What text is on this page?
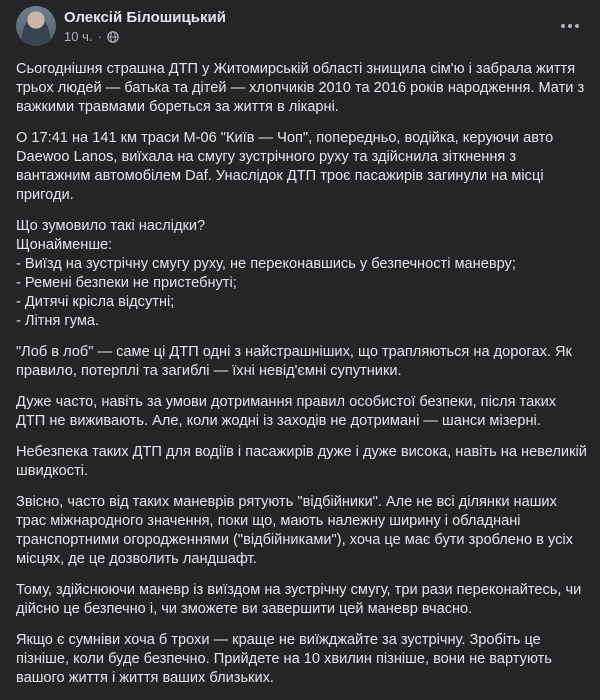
Олексій Білошицький
10 ч. ·

Сьогоднішня страшна ДТП у Житомирській області знищила сім'ю і забрала життя трьох людей — батька та дітей — хлопчиків 2010 та 2016 років народження. Мати з важкими травмами бореться за життя в лікарні.

О 17:41 на 141 км траси М-06 "Київ — Чоп", попередньо, водійка, керуючи авто Daewoo Lanos, виїхала на смугу зустрічного руху та здійснила зіткнення з вантажним автомобілем Daf. Унаслідок ДТП троє пасажирів загинули на місці пригоди.

Що зумовило такі наслідки?
Щонайменше:
- Виїзд на зустрічну смугу руху, не переконавшись у безпечності маневру;
- Ремені безпеки не пристебнуті;
- Дитячі крісла відсутні;
- Літня гума.

"Лоб в лоб" — саме ці ДТП одні з найстрашніших, що трапляються на дорогах. Як правило, потерплі та загиблі — їхні невід'ємні супутники.

Дуже часто, навіть за умови дотримання правил особистої безпеки, після таких ДТП не виживають. Але, коли жодні із заходів не дотримані — шанси мізерні.

Небезпека таких ДТП для водіїв і пасажирів дуже і дуже висока, навіть на невеликій швидкості.

Звісно, часто від таких маневрів рятують "відбійники". Але не всі ділянки наших трас міжнародного значення, поки що, мають належну ширину і обладнані транспортними огородженнями ("відбійниками"), хоча це має бути зроблено в усіх місцях, де це дозволить ландшафт.

Тому, здійснюючи маневр із виїздом на зустрічну смугу, три рази переконайтесь, чи дійсно це безпечно і, чи зможете ви завершити цей маневр вчасно.

Якщо є сумніви хоча б трохи — краще не виїжджайте за зустрічну. Зробіть це пізніше, коли буде безпечно. Прийдете на 10 хвилин пізніше, вони не вартують вашого життя і життя ваших близьких.
